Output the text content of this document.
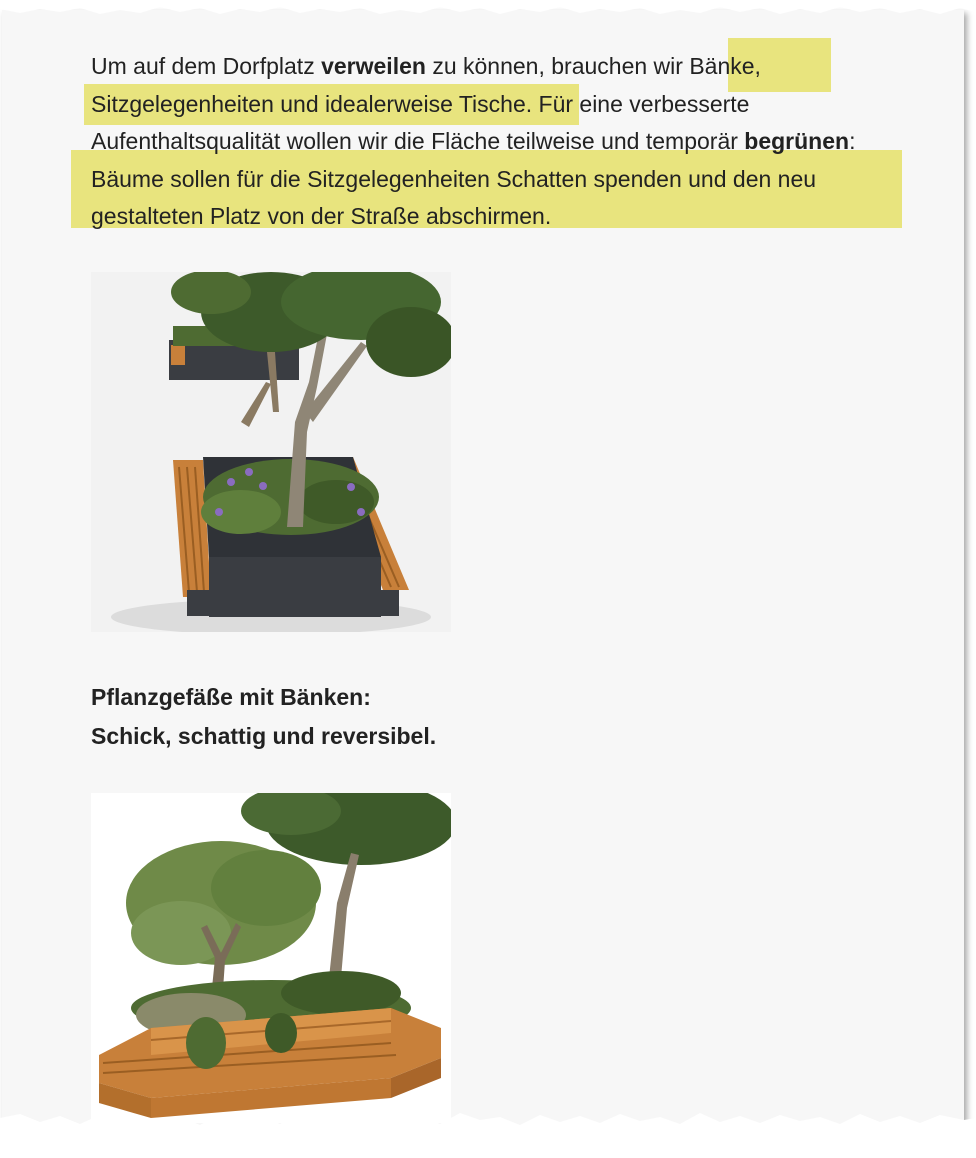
Um auf dem Dorfplatz verweilen zu können, brauchen wir Bänke, Sitzgelegenheiten und idealerweise Tische. Für eine verbesserte Aufenthaltsqualität wollen wir die Fläche teilweise und temporär begrünen: Bäume sollen für die Sitzgelegenheiten Schatten spenden und den neu gestalteten Platz von der Straße abschirmen.

Pflanzgefäße mit Bänken:
Schick, schattig und reversibel.
